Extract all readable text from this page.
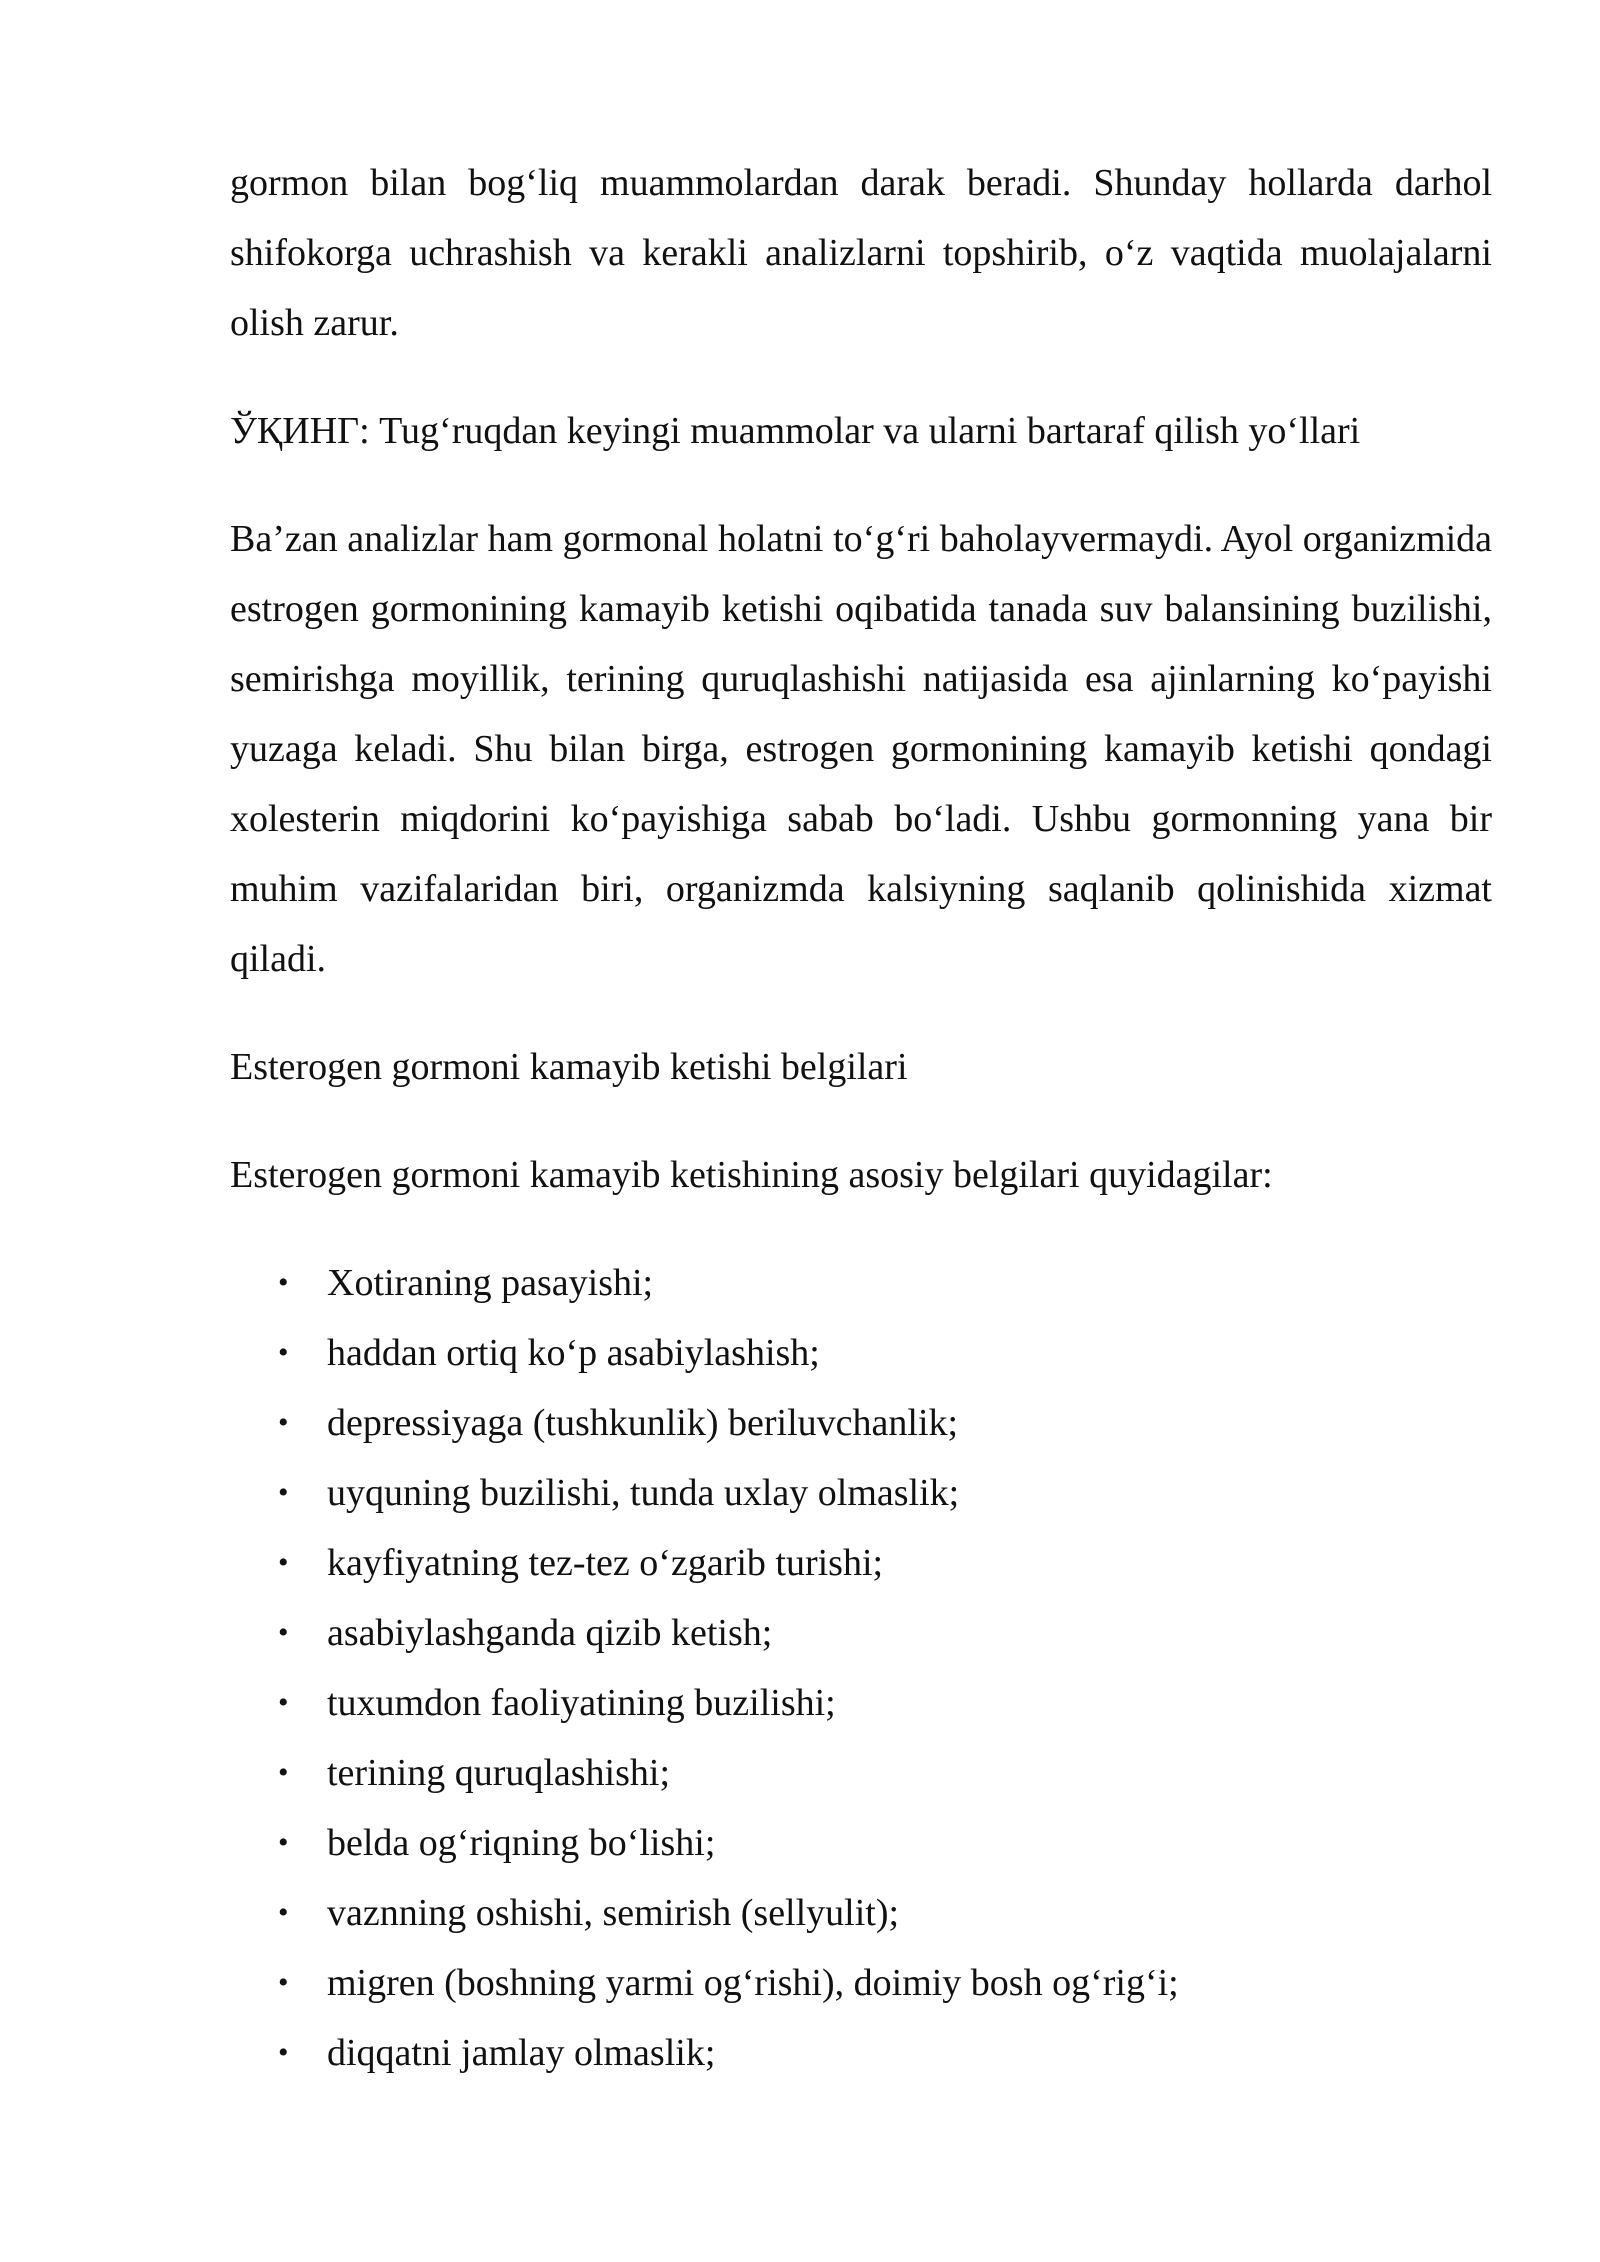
gormon bilan bog‘liq muammolardan darak beradi. Shunday hollarda darhol shifokorga uchrashish va kerakli analizlarni topshirib, o‘z vaqtida muolajalarni olish zarur.

ЎҚИНГ: Tug‘ruqdan keyingi muammolar va ularni bartaraf qilish yo‘llari

Ba’zan analizlar ham gormonal holatni to‘g‘ri baholayvermaydi. Ayol organizmida estrogen gormonining kamayib ketishi oqibatida tanada suv balansining buzilishi, semirishga moyillik, terining quruqlashishi natijasida esa ajinlarning ko‘payishi yuzaga keladi. Shu bilan birga, estrogen gormonining kamayib ketishi qondagi xolesterin miqdorini ko‘payishiga sabab bo‘ladi. Ushbu gormonning yana bir muhim vazifalaridan biri, organizmda kalsiyning saqlanib qolinishida xizmat qiladi.

Esterogen gormoni kamayib ketishi belgilari

Esterogen gormoni kamayib ketishining asosiy belgilari quyidagilar:

• Xotiraning pasayishi;
• haddan ortiq ko‘p asabiylashish;
• depressiyaga (tushkunlik) beriluvchanlik;
• uyquning buzilishi, tunda uxlay olmaslik;
• kayfiyatning tez-tez o‘zgarib turishi;
• asabiylashganda qizib ketish;
• tuxumdon faoliyatining buzilishi;
• terining quruqlashishi;
• belda og‘riqning bo‘lishi;
• vaznning oshishi, semirish (sellyulit);
• migren (boshning yarmi og‘rishi), doimiy bosh og‘rig‘i;
• diqqatni jamlay olmaslik;
